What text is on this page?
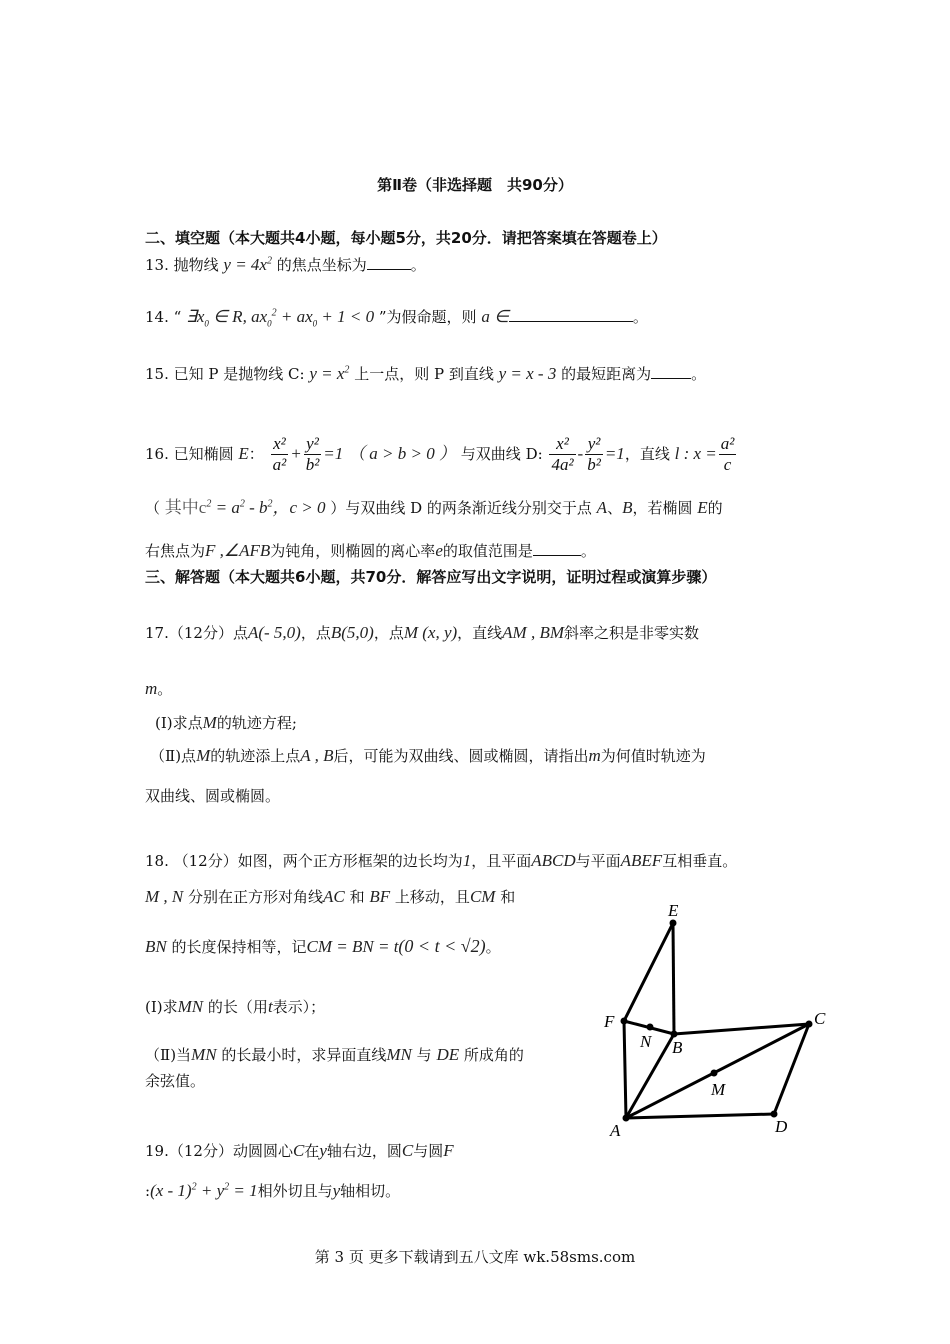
第Ⅱ卷（非选择题　共90分）
二、填空题（本大题共4小题，每小题5分，共20分．请把答案填在答题卷上）
13. 抛物线 $y = 4x^2$ 的焦点坐标为	。
14. “ $\exists x_0$ ∈ R, $ax_0^2 + ax_0 + 1 < 0$ ”为假命题，则 a ∈	。
15. 已知 P 是抛物线 C: $y = x^2$ 上一点，则 P 到直线 y = x - 3 的最短距离为	。
16. 已知椭圆 E： $\frac{\text{x²}}{\text{a²}} + \frac{\text{y²}}{\text{b²}} =1$ （ a > b > 0 ） 与双曲线 D: $\frac{\text{x²}}{\text{4a²}} - \frac{\text{y²}}{\text{b²}} =1$，直线 l : $x = \frac{\text{a²}}{c}$
（ 其中$c^2 = a^2 - b^2$，c > 0 ）与双曲线 D 的两条渐近线分别交于点 A、B，若椭圆 E的
右焦点为F ,∠AFB为钝角，则椭圆的离心率e的取值范围是	。
三、解答题（本大题共6小题，共70分．解答应写出文字说明，证明过程或演算步骤）
17.（12分）点A(- 5,0)，点B(5,0)，点M (x, y)，直线AM , BM斜率之积是非零实数
m。
(Ⅰ)求点M的轨迹方程;
（Ⅱ)点M的轨迹添上点A , B后，可能为双曲线、圆或椭圆，请指出m为何值时轨迹为
双曲线、圆或椭圆。
18. （12分）如图，两个正方形框架的边长均为1，且平面ABCD与平面ABEF互相垂直。
M , N 分别在正方形对角线AC 和 BF 上移动，且CM 和
BN 的长度保持相等，记CM = BN = t(0 < t < √2)。
(Ⅰ)求MN 的长（用t表示）；
（Ⅱ)当MN 的长最小时，求异面直线MN 与 DE 所成角的
余弦值。
E
F
N B
C
M
A	D
19.（12分）动圆圆心C在y轴右边，圆C与圆F
:(x - $1)^2 + y^2 = 1$相外切且与y轴相切。
第 3 页 更多下载请到五八文库 wk.58sms.com
